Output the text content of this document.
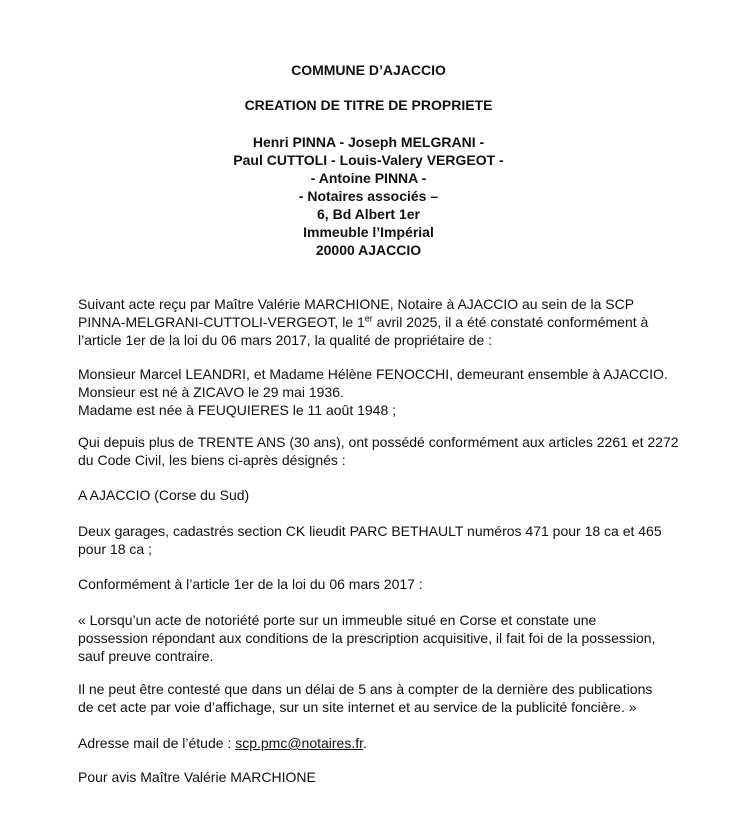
COMMUNE D’AJACCIO
CREATION DE TITRE DE PROPRIETE
Henri PINNA - Joseph MELGRANI -
Paul CUTTOLI - Louis-Valery VERGEOT -
- Antoine PINNA -
- Notaires associés –
6, Bd Albert 1er
Immeuble l’Impérial
20000 AJACCIO

Suivant acte reçu par Maître Valérie MARCHIONE, Notaire à AJACCIO au sein de la SCP

PINNA-MELGRANI-CUTTOLI-VERGEOT, le 1er avril 2025, il a été constaté conformément à

l’article 1er de la loi du 06 mars 2017, la qualité de propriétaire de :

Monsieur Marcel LEANDRI, et Madame Hélène FENOCCHI, demeurant ensemble à AJACCIO.

Monsieur est né à ZICAVO le 29 mai 1936.

Madame est née à FEUQUIERES le 11 août 1948 ;

Qui depuis plus de TRENTE ANS (30 ans), ont possédé conformément aux articles 2261 et 2272

du Code Civil, les biens ci-après désignés :

A AJACCIO (Corse du Sud)

Deux garages, cadastrés section CK lieudit PARC BETHAULT numéros 471 pour 18 ca et 465

pour 18 ca ;

Conformément à l’article 1er de la loi du 06 mars 2017 :

« Lorsqu’un acte de notoriété porte sur un immeuble situé en Corse et constate une

possession répondant aux conditions de la prescription acquisitive, il fait foi de la possession,

sauf preuve contraire.

Il ne peut être contesté que dans un délai de 5 ans à compter de la dernière des publications

de cet acte par voie d’affichage, sur un site internet et au service de la publicité foncière. »

Adresse mail de l’étude : scp.pmc@notaires.fr.

Pour avis Maître Valérie MARCHIONE
